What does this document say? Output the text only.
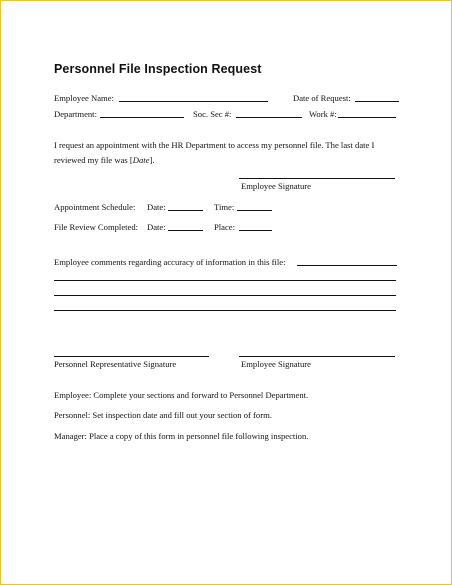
Personnel File Inspection Request
Employee Name:	Date of Request:
Department:	Soc. Sec #:	Work #:
I request an appointment with the HR Department to access my personnel file. The last date I reviewed my file was [Date].
Employee Signature
Appointment Schedule: Date:	Time:
File Review Completed: Date:	Place:
Employee comments regarding accuracy of information in this file:
Personnel Representative Signature	Employee Signature
Employee: Complete your sections and forward to Personnel Department.
Personnel: Set inspection date and fill out your section of form.
Manager: Place a copy of this form in personnel file following inspection.
